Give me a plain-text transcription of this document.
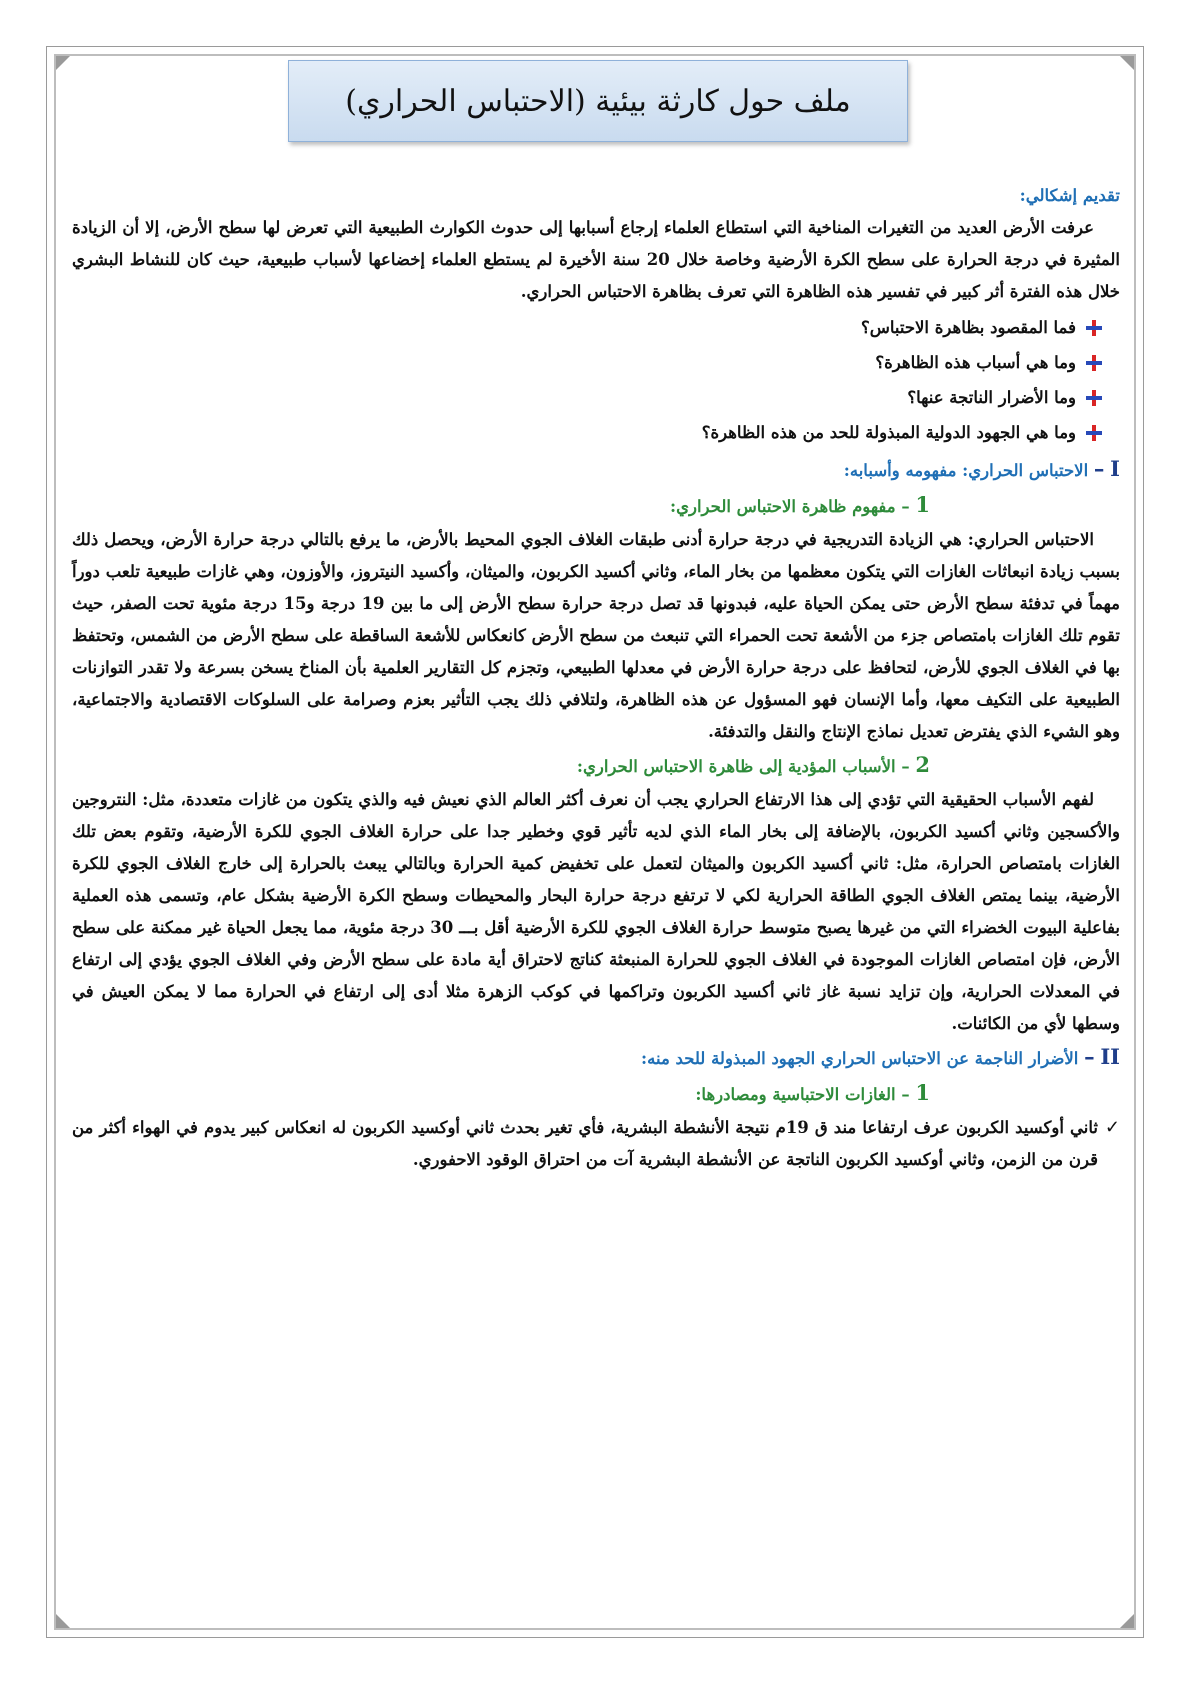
ملف حول كارثة بيئية (الاحتباس الحراري)

تقديم إشكالي:

عرفت الأرض العديد من التغيرات المناخية التي استطاع العلماء إرجاع أسبابها إلى حدوث الكوارث الطبيعية التي تعرض لها سطح الأرض، إلا أن الزيادة المثيرة في درجة الحرارة على سطح الكرة الأرضية وخاصة خلال 20 سنة الأخيرة لم يستطع العلماء إخضاعها لأسباب طبيعية، حيث كان للنشاط البشري خلال هذه الفترة أثر كبير في تفسير هذه الظاهرة التي تعرف بظاهرة الاحتباس الحراري.

فما المقصود بظاهرة الاحتباس؟
وما هي أسباب هذه الظاهرة؟
وما الأضرار الناتجة عنها؟
وما هي الجهود الدولية المبذولة للحد من هذه الظاهرة؟

I – الاحتباس الحراري: مفهومه وأسبابه:

1 – مفهوم ظاهرة الاحتباس الحراري:

الاحتباس الحراري: هي الزيادة التدريجية في درجة حرارة أدنى طبقات الغلاف الجوي المحيط بالأرض، ما يرفع بالتالي درجة حرارة الأرض، ويحصل ذلك بسبب زيادة انبعاثات الغازات التي يتكون معظمها من بخار الماء، وثاني أكسيد الكربون، والميثان، وأكسيد النيتروز، والأوزون، وهي غازات طبيعية تلعب دوراً مهماً في تدفئة سطح الأرض حتى يمكن الحياة عليه، فبدونها قد تصل درجة حرارة سطح الأرض إلى ما بين 19 درجة و15 درجة مئوية تحت الصفر، حيث تقوم تلك الغازات بامتصاص جزء من الأشعة تحت الحمراء التي تنبعث من سطح الأرض كانعكاس للأشعة الساقطة على سطح الأرض من الشمس، وتحتفظ بها في الغلاف الجوي للأرض، لتحافظ على درجة حرارة الأرض في معدلها الطبيعي، وتجزم كل التقارير العلمية بأن المناخ يسخن بسرعة ولا تقدر التوازنات الطبيعية على التكيف معها، وأما الإنسان فهو المسؤول عن هذه الظاهرة، ولتلافي ذلك يجب التأثير بعزم وصرامة على السلوكات الاقتصادية والاجتماعية، وهو الشيء الذي يفترض تعديل نماذج الإنتاج والنقل والتدفئة.

2 – الأسباب المؤدية إلى ظاهرة الاحتباس الحراري:

لفهم الأسباب الحقيقية التي تؤدي إلى هذا الارتفاع الحراري يجب أن نعرف أكثر العالم الذي نعيش فيه والذي يتكون من غازات متعددة، مثل: النتروجين والأكسجين وثاني أكسيد الكربون، بالإضافة إلى بخار الماء الذي لديه تأثير قوي وخطير جدا على حرارة الغلاف الجوي للكرة الأرضية، وتقوم بعض تلك الغازات بامتصاص الحرارة، مثل: ثاني أكسيد الكربون والميثان لتعمل على تخفيض كمية الحرارة وبالتالي يبعث بالحرارة إلى خارج الغلاف الجوي للكرة الأرضية، بينما يمتص الغلاف الجوي الطاقة الحرارية لكي لا ترتفع درجة حرارة البحار والمحيطات وسطح الكرة الأرضية بشكل عام، وتسمى هذه العملية بفاعلية البيوت الخضراء التي من غيرها يصبح متوسط حرارة الغلاف الجوي للكرة الأرضية أقل بـــ 30 درجة مئوية، مما يجعل الحياة غير ممكنة على سطح الأرض، فإن امتصاص الغازات الموجودة في الغلاف الجوي للحرارة المنبعثة كناتج لاحتراق أية مادة على سطح الأرض وفي الغلاف الجوي يؤدي إلى ارتفاع في المعدلات الحرارية، وإن تزايد نسبة غاز ثاني أكسيد الكربون وتراكمها في كوكب الزهرة مثلا أدى إلى ارتفاع في الحرارة مما لا يمكن العيش في وسطها لأي من الكائنات.

II – الأضرار الناجمة عن الاحتباس الحراري الجهود المبذولة للحد منه:

1 – الغازات الاحتباسية ومصادرها:

✓
ثاني أوكسيد الكربون عرف ارتفاعا مند ق 19م نتيجة الأنشطة البشرية، فأي تغير بحدث ثاني أوكسيد الكربون له انعكاس كبير يدوم في الهواء أكثر من قرن من الزمن، وثاني أوكسيد الكربون الناتجة عن الأنشطة البشرية آت من احتراق الوقود الاحفوري.
